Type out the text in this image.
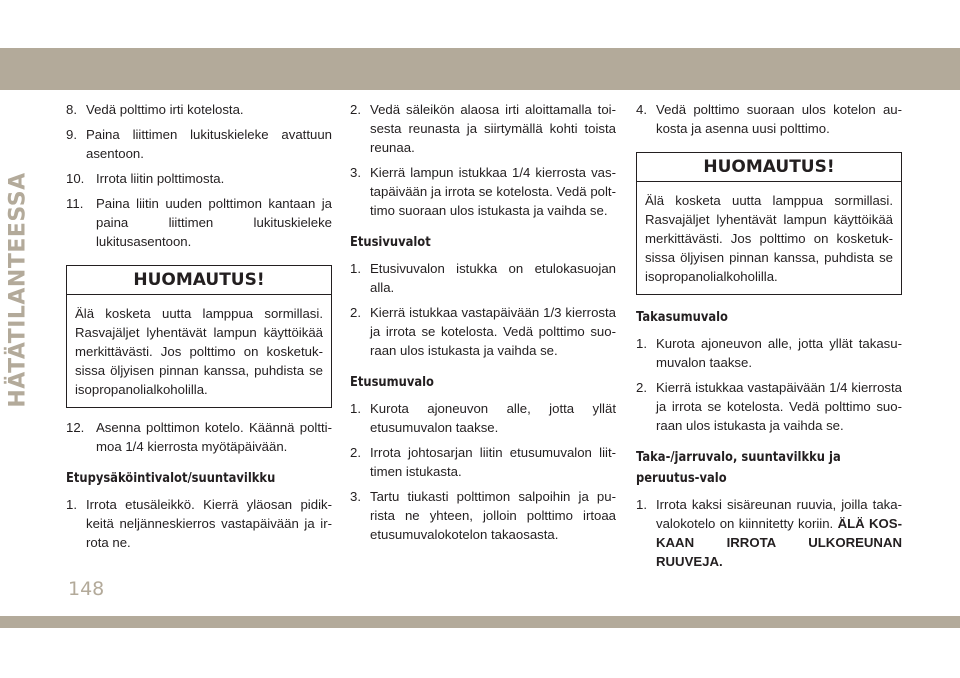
HÄTÄTILANTEESSA
148
8. Vedä polttimo irti kotelosta.
9. Paina liittimen lukituskieleke avattuun asentoon.
10. Irrota liitin polttimosta.
11. Paina liitin uuden polttimon kantaan ja paina liittimen lukituskieleke lukitusasentoon.
HUOMAUTUS!
Älä kosketa uutta lamppua sormillasi. Rasvajäljet lyhentävät lampun käyttöikää merkittävästi. Jos polttimo on kosketuk-sissa öljyisen pinnan kanssa, puhdista se isopropanolialkoholilla.
12. Asenna polttimon kotelo. Käännä poltti-moa 1/4 kierrosta myötäpäivään.
Etupysäköintivalot/suuntavilkku
1. Irrota etusäleikkö. Kierrä yläosan pidik-keitä neljänneskierros vastapäivään ja ir-rota ne.
2. Vedä säleikön alaosa irti aloittamalla toi-sesta reunasta ja siirtymällä kohti toista reunaa.
3. Kierrä lampun istukkaa 1/4 kierrosta vas-tapäivään ja irrota se kotelosta. Vedä polt-timo suoraan ulos istukasta ja vaihda se.
Etusivuvalot
1. Etusivuvalon istukka on etulokasuojan alla.
2. Kierrä istukkaa vastapäivään 1/3 kierrosta ja irrota se kotelosta. Vedä polttimo suo-raan ulos istukasta ja vaihda se.
Etusumuvalo
1. Kurota ajoneuvon alle, jotta yllät etusumuvalon taakse.
2. Irrota johtosarjan liitin etusumuvalon liit-timen istukasta.
3. Tartu tiukasti polttimon salpoihin ja pu-rista ne yhteen, jolloin polttimo irtoaa etusumuvalokotelon takaosasta.
4. Vedä polttimo suoraan ulos kotelon au-kosta ja asenna uusi polttimo.
HUOMAUTUS!
Älä kosketa uutta lamppua sormillasi. Rasvajäljet lyhentävät lampun käyttöikää merkittävästi. Jos polttimo on kosketuk-sissa öljyisen pinnan kanssa, puhdista se isopropanolialkoholilla.
Takasumuvalo
1. Kurota ajoneuvon alle, jotta yllät takasu-muvalon taakse.
2. Kierrä istukkaa vastapäivään 1/4 kierrosta ja irrota se kotelosta. Vedä polttimo suo-raan ulos istukasta ja vaihda se.
Taka-/jarruvalo, suuntavilkku ja peruutus-valo
1. Irrota kaksi sisäreunan ruuvia, joilla taka-valokotelo on kiinnitetty koriin. ÄLÄ KOS-KAAN IRROTA ULKOREUNAN RUUVEJA.
